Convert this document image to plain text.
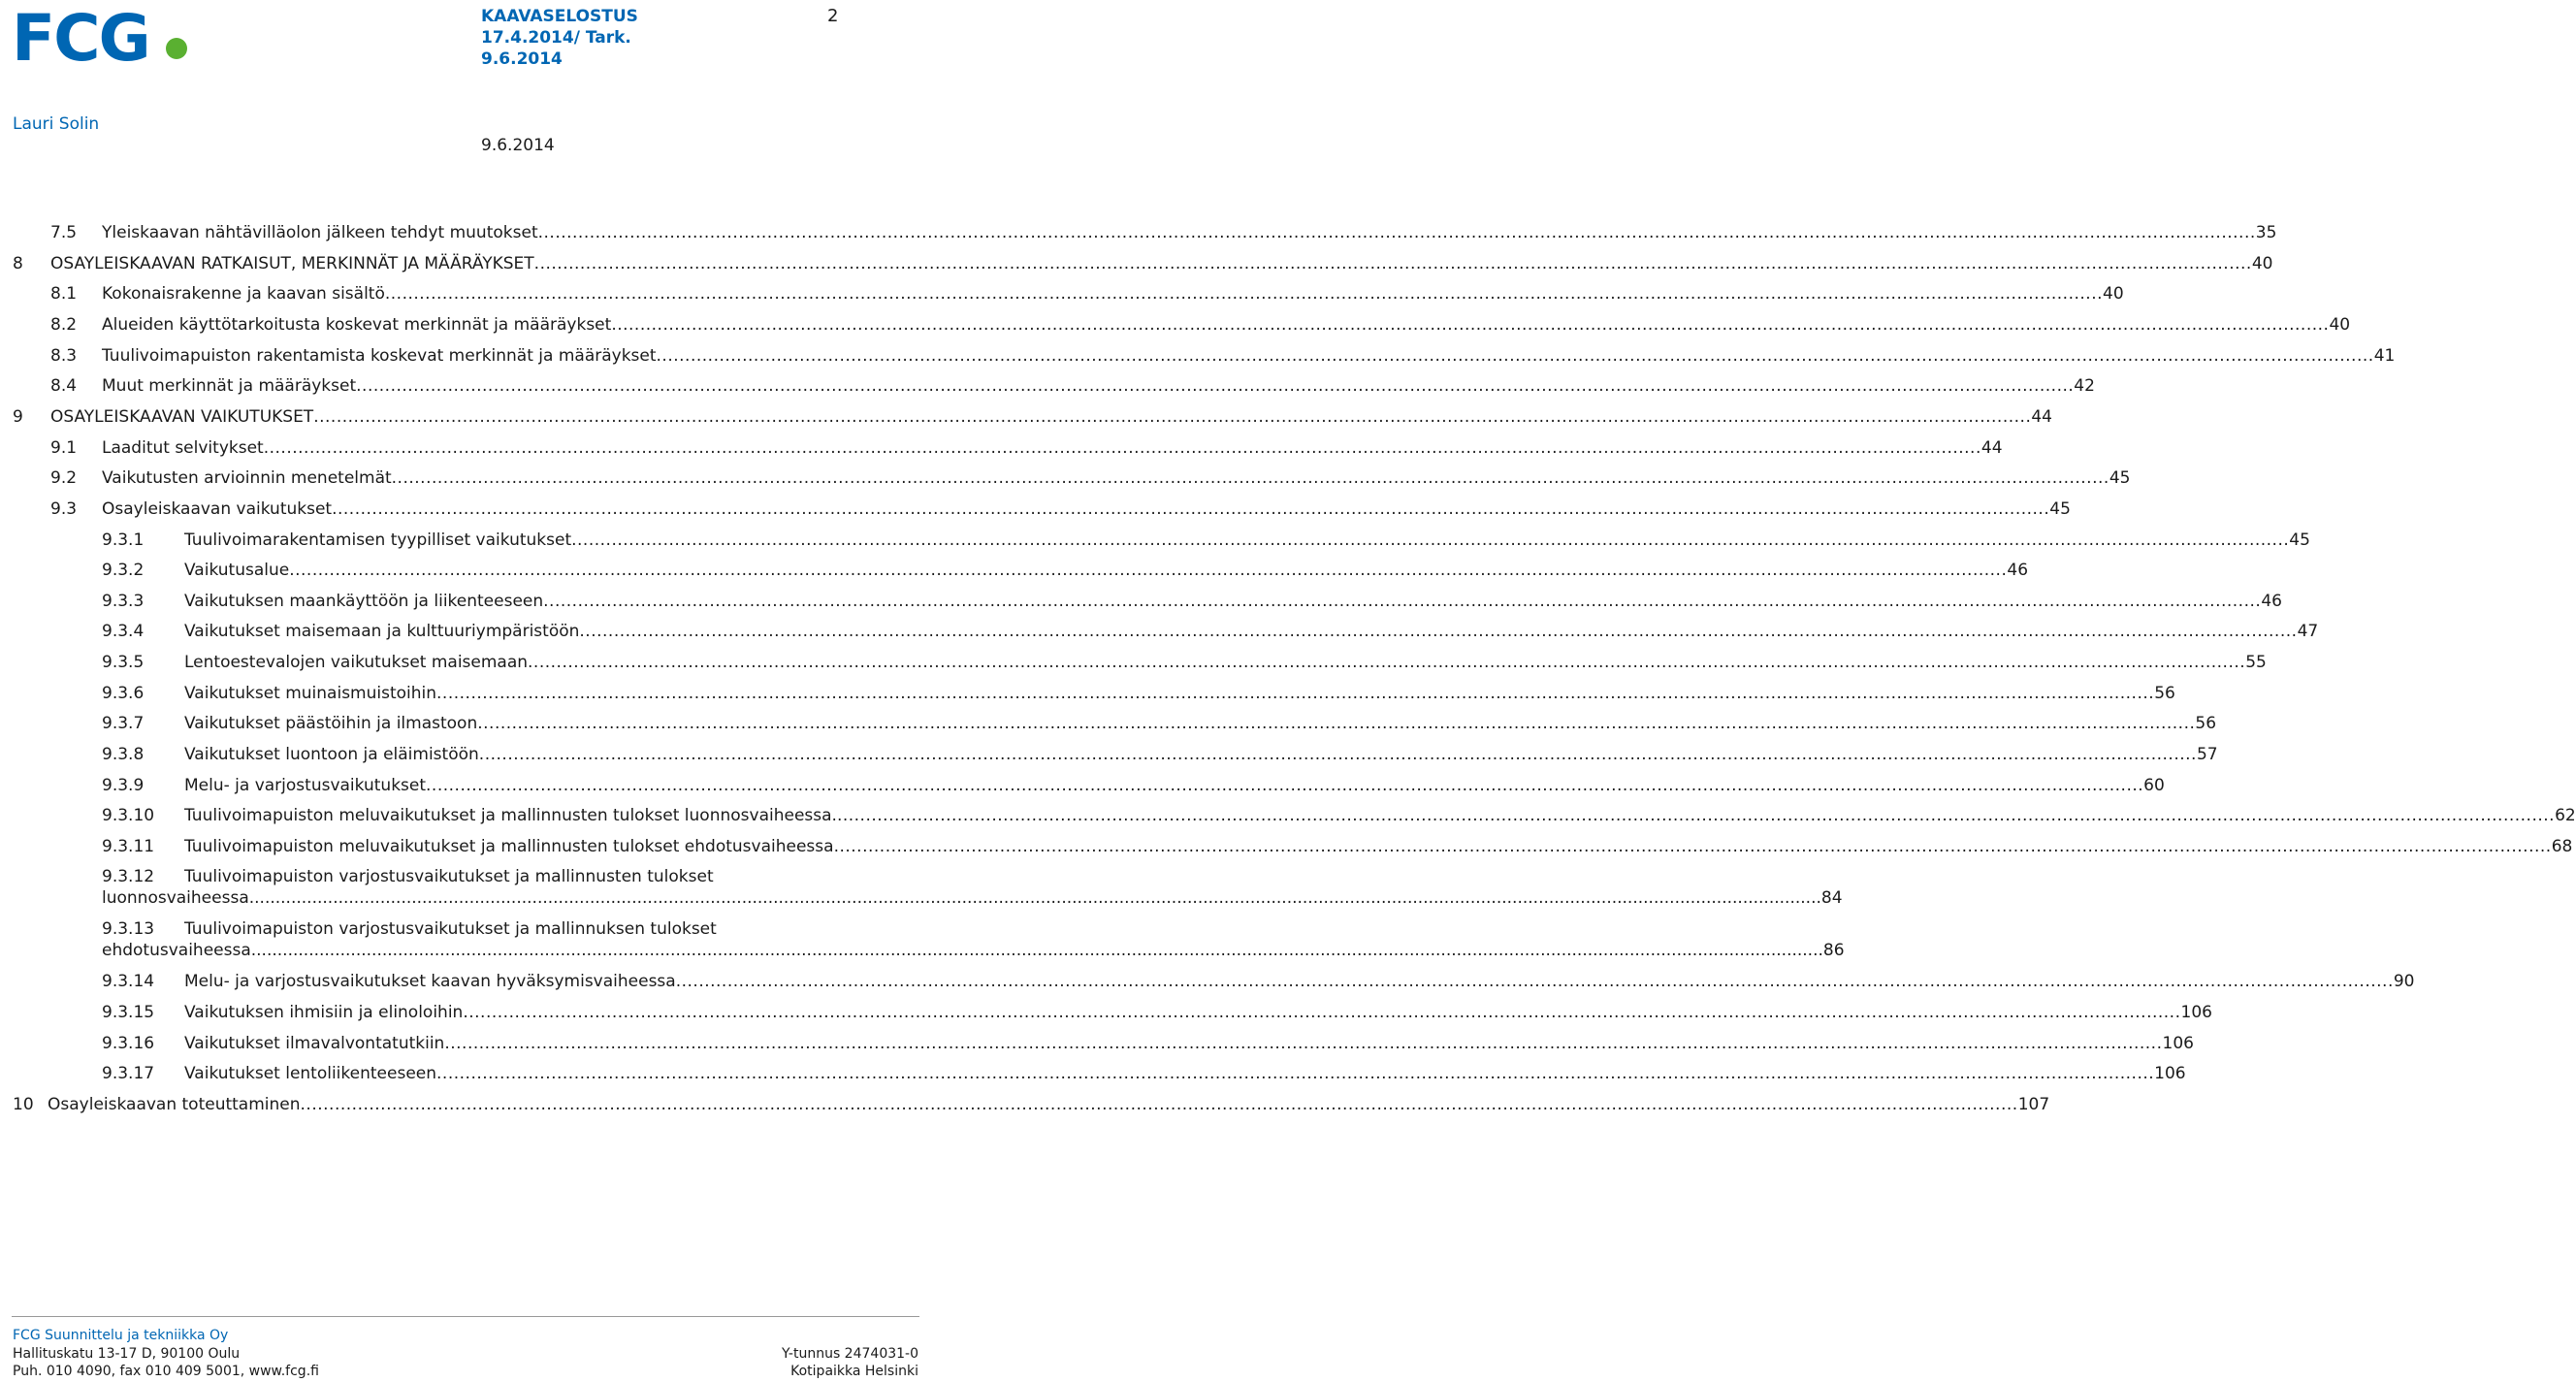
FCG	KAAVASELOSTUS
17.4.2014/ Tark.
9.6.2014
2
Lauri Solin
9.6.2014
7.5 Yleiskaavan nähtävilläolon jälkeen tehdyt muutokset ............................................................................................................................................................................................................................................................................................................ 35
8 OSAYLEISKAAVAN RATKAISUT, MERKINNÄT JA MÄÄRÄYKSET ............................................................................................................................................................................................................................................................................................................ 40
8.1 Kokonaisrakenne ja kaavan sisältö ............................................................................................................................................................................................................................................................................................................ 40
8.2 Alueiden käyttötarkoitusta koskevat merkinnät ja määräykset ............................................................................................................................................................................................................................................................................................................ 40
8.3 Tuulivoimapuiston rakentamista koskevat merkinnät ja määräykset ............................................................................................................................................................................................................................................................................................................ 41
8.4 Muut merkinnät ja määräykset ............................................................................................................................................................................................................................................................................................................ 42
9 OSAYLEISKAAVAN VAIKUTUKSET ............................................................................................................................................................................................................................................................................................................ 44
9.1 Laaditut selvitykset ............................................................................................................................................................................................................................................................................................................ 44
9.2 Vaikutusten arvioinnin menetelmät ............................................................................................................................................................................................................................................................................................................ 45
9.3 Osayleiskaavan vaikutukset ............................................................................................................................................................................................................................................................................................................ 45
9.3.1 Tuulivoimarakentamisen tyypilliset vaikutukset ............................................................................................................................................................................................................................................................................................................ 45
9.3.2 Vaikutusalue ............................................................................................................................................................................................................................................................................................................ 46
9.3.3 Vaikutuksen maankäyttöön ja liikenteeseen ............................................................................................................................................................................................................................................................................................................ 46
9.3.4 Vaikutukset maisemaan ja kulttuuriympäristöön ............................................................................................................................................................................................................................................................................................................ 47
9.3.5 Lentoestevalojen vaikutukset maisemaan ............................................................................................................................................................................................................................................................................................................ 55
9.3.6 Vaikutukset muinaismuistoihin ............................................................................................................................................................................................................................................................................................................ 56
9.3.7 Vaikutukset päästöihin ja ilmastoon ............................................................................................................................................................................................................................................................................................................ 56
9.3.8 Vaikutukset luontoon ja eläimistöön ............................................................................................................................................................................................................................................................................................................ 57
9.3.9 Melu- ja varjostusvaikutukset ............................................................................................................................................................................................................................................................................................................ 60
9.3.10 Tuulivoimapuiston meluvaikutukset ja mallinnusten tulokset luonnosvaiheessa. ............................................................................................................................................................................................................................................................................................................ 62
9.3.11 Tuulivoimapuiston meluvaikutukset ja mallinnusten tulokset ehdotusvaiheessa ............................................................................................................................................................................................................................................................................................................ 68
9.3.12 Tuulivoimapuiston varjostusvaikutukset ja mallinnusten tulokset
luonnosvaiheessa ............................................................................................................................................................................................................................................................................................................ 84
9.3.13 Tuulivoimapuiston varjostusvaikutukset ja mallinnuksen tulokset
ehdotusvaiheessa ............................................................................................................................................................................................................................................................................................................ 86
9.3.14 Melu- ja varjostusvaikutukset kaavan hyväksymisvaiheessa ............................................................................................................................................................................................................................................................................................................ 90
9.3.15 Vaikutuksen ihmisiin ja elinoloihin ............................................................................................................................................................................................................................................................................................................ 106
9.3.16 Vaikutukset ilmavalvontatutkiin ............................................................................................................................................................................................................................................................................................................ 106
9.3.17 Vaikutukset lentoliikenteeseen ............................................................................................................................................................................................................................................................................................................ 106
10 Osayleiskaavan toteuttaminen ............................................................................................................................................................................................................................................................................................................ 107
FCG Suunnittelu ja tekniikka Oy
Hallituskatu 13-17 D, 90100 Oulu
Puh. 010 4090, fax 010 409 5001, www.fcg.fi
Y-tunnus 2474031-0
Kotipaikka Helsinki
